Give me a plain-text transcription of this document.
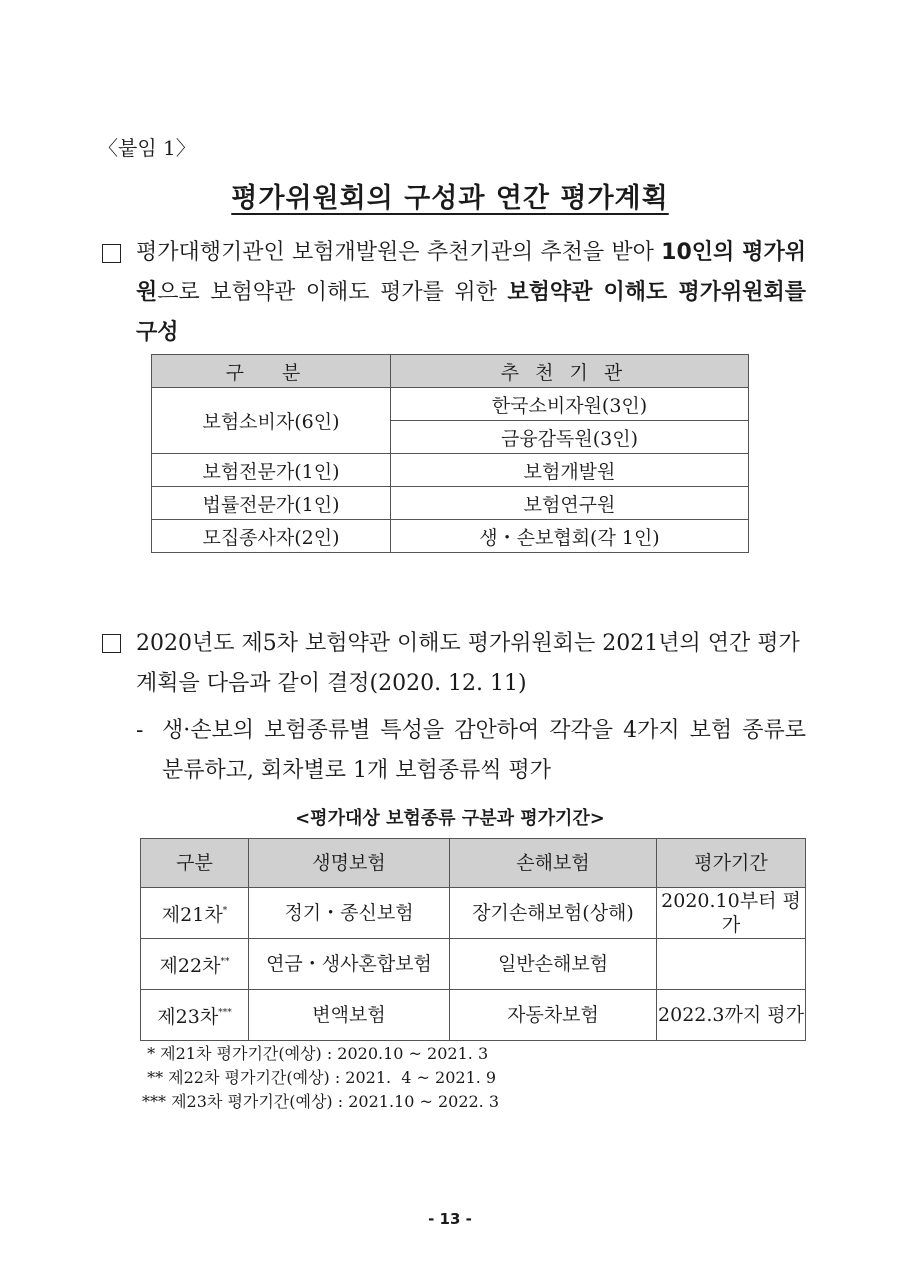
〈붙임 1〉
평가위원회의 구성과 연간 평가계획
평가대행기관인 보험개발원은 추천기관의 추천을 받아 10인의 평가위원으로 보험약관 이해도 평가를 위한 보험약관 이해도 평가위원회를 구성
구 분	추천기관
보험소비자(6인)	한국소비자원(3인)
	금융감독원(3인)
보험전문가(1인)	보험개발원
법률전문가(1인)	보험연구원
모집종사자(2인)	생・손보협회(각 1인)
2020년도 제5차 보험약관 이해도 평가위원회는 2021년의 연간 평가계획을 다음과 같이 결정(2020. 12. 11)
- 생·손보의 보험종류별 특성을 감안하여 각각을 4가지 보험 종류로 분류하고, 회차별로 1개 보험종류씩 평가
<평가대상 보험종류 구분과 평가기간>
구분	생명보험	손해보험	평가기간
제21차*	정기・종신보험	장기손해보험(상해)	2020.10부터 평가
제22차**	연금・생사혼합보험	일반손해보험	
제23차***	변액보험	자동차보험	2022.3까지 평가
* 제21차 평가기간(예상) : 2020.10 ~ 2021. 3
** 제22차 평가기간(예상) : 2021.  4 ~ 2021. 9
*** 제23차 평가기간(예상) : 2021.10 ~ 2022. 3
- 13 -
